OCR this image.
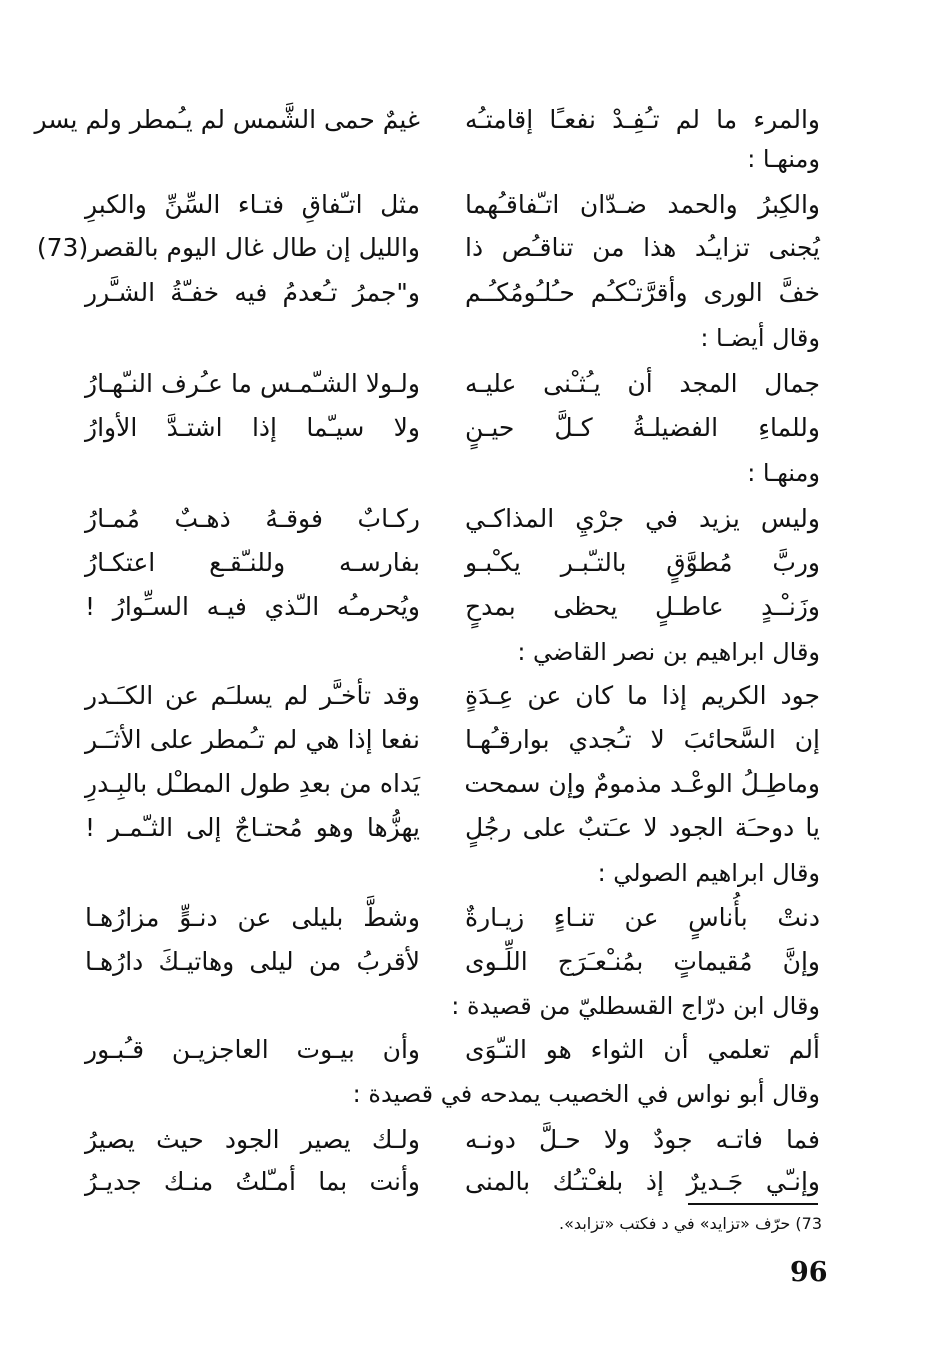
ومنهـا :
والمرء ما لم تـُفِـدْ نفعـًا إقامتـُه
غيمٌ حمى الشَّمس لم يـُمطر ولم يسر
والكِبرُ والحمد ضـدّان اتـّفاقـُهما
مثل اتـّفاقِ فتـاء السِّنِّ والكبرِ
يُجنى تزايـُد هذا من تناقـُص ذا
والليل إن طال غال اليوم بالقصر(73)
خفَّ الورى وأقرَّتـْكـُم حـُلـُومُكـُـم
و"جمرُ تـُعدمُ فيه خفـّةُ الشـَّرر
وقال أيضـا :
جمال المجد أن يـُثـْنى عليـه
ولـولا الشـّمـس ما عـُرف النـّهـارُ
وللماءِ الفضيلـةُ كـلَّ حيـنٍ
ولا سيـّما إذا اشتـدَّ الأوارُ
ومنهـا :
وليس يزيد في جرْيِ المذاكـي
ركـابٌ فوقـهُ ذهـبٌ مُمـارُ
وربَّ مُطوَّقٍ بالتـّبـر يكـْبـو
بفارسـه وللنـّقـع اعتكـارُ
وزَنـْـدٍ عاطـلٍ يحظى بمدحٍ
ويُحرمـُه الـّذي فيـه السـِّوارُ !
وقال ابراهيم بن نصر القاضي :
جود الكريم إذا ما كان عن عِـدَةٍ
وقد تأخـَّر لم يسلـَم عن الكـَـدر
إن السَّحائبَ لا تـُجدي بوارقـُهـا
نفعا إذا هي لم تـُمطر على الأثـَـر
وماطِـلُ الوعْـد مذمومٌ وإن سمحت
يَداه من بعدِ طول المطـْل بالبِـدرِ
يا دوحـَة الجود لا عـَتبٌ على رجُلٍ
يهزُّها وهو مُحتـاجٌ إلى الثـّمـر !
وقال ابراهيم الصولي :
دنتْ بأُناسٍ عن تنـاءٍ زيـارةٌ
وشطَّ بليلى عن دنـوٍّ مزارُهـا
وإنَّ مُقيماتٍ بمُنـْعـَرَج اللِّـوى
لأقربُ من ليلى وهاتيـكَ دارُهـا
وقال ابن درّاج القسطليّ من قصيدة :
ألم تعلمي أن الثواء هو التـّوَى
وأن بيـوت العاجزيـن قـُبـور
وقال أبو نواس في الخصيب يمدحه في قصيدة :
فما فاتـه جودٌ ولا حـلَّ دونـه
ولـك يصير الجود حيث يصيرُ
وإنـّي جَـديرٌ إذ بلغـْتـُك بالمنى
وأنت بما أمـّلتُ منـك جديـرُ
73) حرّف «تزايد» في د فكتب «تزابد».
96
